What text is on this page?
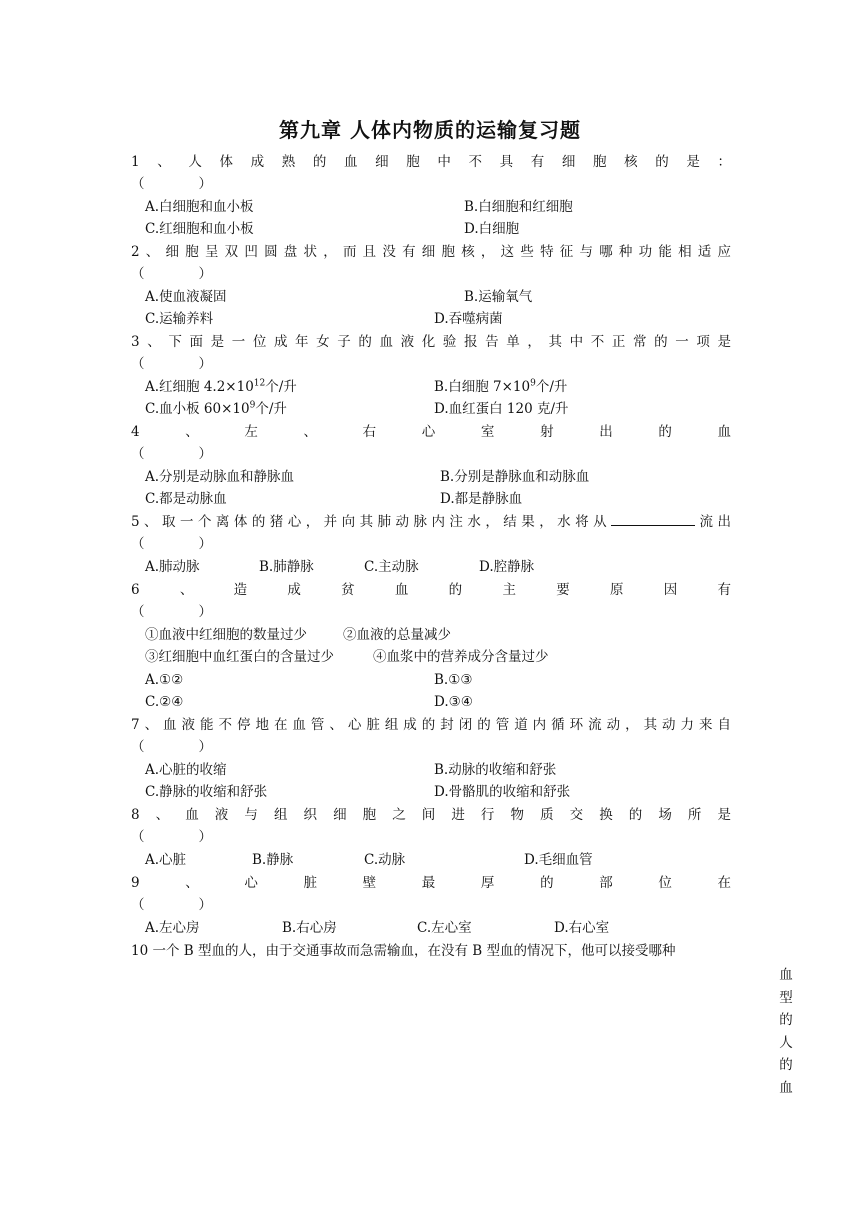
第九章 人体内物质的运输复习题
1、人体成熟的血细胞中不具有细胞核的是：
（　　　　）
A.白细胞和血小板	B.白细胞和红细胞
C.红细胞和血小板	D.白细胞
2、细胞呈双凹圆盘状，而且没有细胞核，这些特征与哪种功能相适应
（　　　　）
A.使血液凝固	B.运输氧气
C.运输养料	D.吞噬病菌
3、下面是一位成年女子的血液化验报告单，其中不正常的一项是
（　　　　）
A.红细胞 $4.2\times 10^{12}$个/升	B.白细胞 $7\times 10^9$个/升
C.血小板 $60\times 10^9$个/升	D.血红蛋白 120 克/升
4、左、右心室射出的血
（　　　　）
A.分别是动脉血和静脉血	B.分别是静脉血和动脉血
C.都是动脉血	D.都是静脉血
5、取一个离体的猪心，并向其肺动脉内注水，结果，水将从	流出
（　　　　）
A.肺动脉	B.肺静脉	C.主动脉	D.腔静脉
6、造成贫血的主要原因有
（　　　　）
①血液中红细胞的数量过少	②血液的总量减少
③红细胞中血红蛋白的含量过少	④血浆中的营养成分含量过少
A.①②	B.①③
C.②④	D.③④
7、血液能不停地在血管、心脏组成的封闭的管道内循环流动，其动力来自
（　　　　）
A.心脏的收缩	B.动脉的收缩和舒张
C.静脉的收缩和舒张	D.骨骼肌的收缩和舒张
8、血液与组织细胞之间进行物质交换的场所是
（　　　　）
A.心脏	B.静脉	C.动脉	D.毛细血管
9、心脏壁最厚的部位在
（　　　　）
A.左心房	B.右心房	C.左心室	D.右心室
10 一个 B 型血的人，由于交通事故而急需输血，在没有 B 型血的情况下，他可以接受哪种
血
型
的
人
的
血
